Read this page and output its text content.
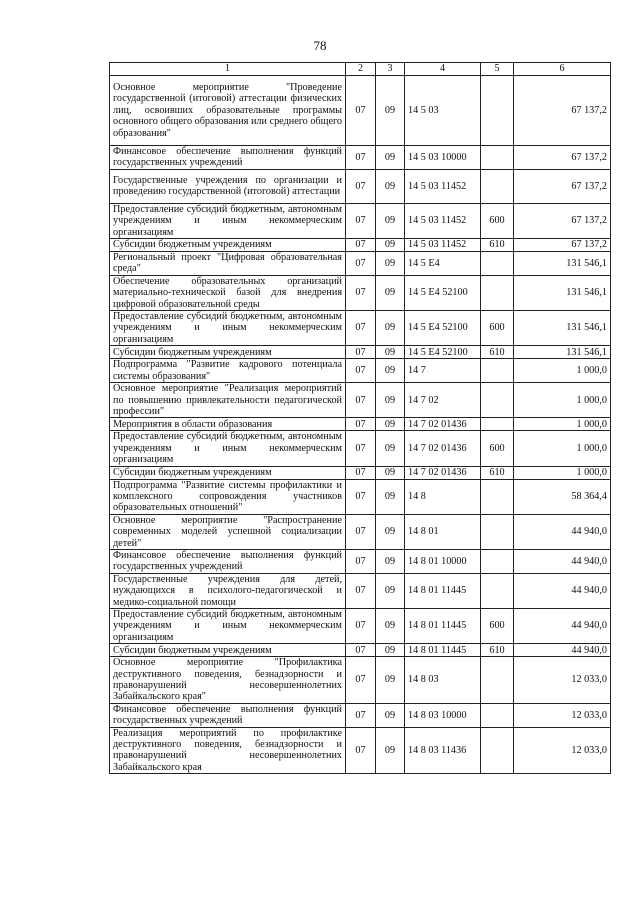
78
1	2	3	4	5	6
Основное мероприятие "Проведение государственной (итоговой) аттестации физических лиц, освоивших образовательные программы основного общего образования или среднего общего образования"	07	09	14 5 03		67 137,2
Финансовое обеспечение выполнения функций государственных учреждений	07	09	14 5 03 10000		67 137,2
Государственные учреждения по организации и проведению государственной (итоговой) аттестации	07	09	14 5 03 11452		67 137,2
Предоставление субсидий бюджетным, автономным учреждениям и иным некоммерческим организациям	07	09	14 5 03 11452	600	67 137,2
Субсидии бюджетным учреждениям	07	09	14 5 03 11452	610	67 137,2
Региональный проект "Цифровая образовательная среда"	07	09	14 5 E4		131 546,1
Обеспечение образовательных организаций материально-технической базой для внедрения цифровой образовательной среды	07	09	14 5 E4 52100		131 546,1
Предоставление субсидий бюджетным, автономным учреждениям и иным некоммерческим организациям	07	09	14 5 E4 52100	600	131 546,1
Субсидии бюджетным учреждениям	07	09	14 5 E4 52100	610	131 546,1
Подпрограмма "Развитие кадрового потенциала системы образования"	07	09	14 7		1 000,0
Основное мероприятие "Реализация мероприятий по повышению привлекательности педагогической профессии"	07	09	14 7 02		1 000,0
Мероприятия в области образования	07	09	14 7 02 01436		1 000,0
Предоставление субсидий бюджетным, автономным учреждениям и иным некоммерческим организациям	07	09	14 7 02 01436	600	1 000,0
Субсидии бюджетным учреждениям	07	09	14 7 02 01436	610	1 000,0
Подпрограмма "Развитие системы профилактики и комплексного сопровождения участников образовательных отношений"	07	09	14 8		58 364,4
Основное мероприятие "Распространение современных моделей успешной социализации детей"	07	09	14 8 01		44 940,0
Финансовое обеспечение выполнения функций государственных учреждений	07	09	14 8 01 10000		44 940,0
Государственные учреждения для детей, нуждающихся в психолого-педагогической и медико-социальной помощи	07	09	14 8 01 11445		44 940,0
Предоставление субсидий бюджетным, автономным учреждениям и иным некоммерческим организациям	07	09	14 8 01 11445	600	44 940,0
Субсидии бюджетным учреждениям	07	09	14 8 01 11445	610	44 940,0
Основное мероприятие "Профилактика деструктивного поведения, безнадзорности и правонарушений несовершеннолетних Забайкальского края"	07	09	14 8 03		12 033,0
Финансовое обеспечение выполнения функций государственных учреждений	07	09	14 8 03 10000		12 033,0
Реализация мероприятий по профилактике деструктивного поведения, безнадзорности и правонарушений несовершеннолетних Забайкальского края	07	09	14 8 03 11436		12 033,0
